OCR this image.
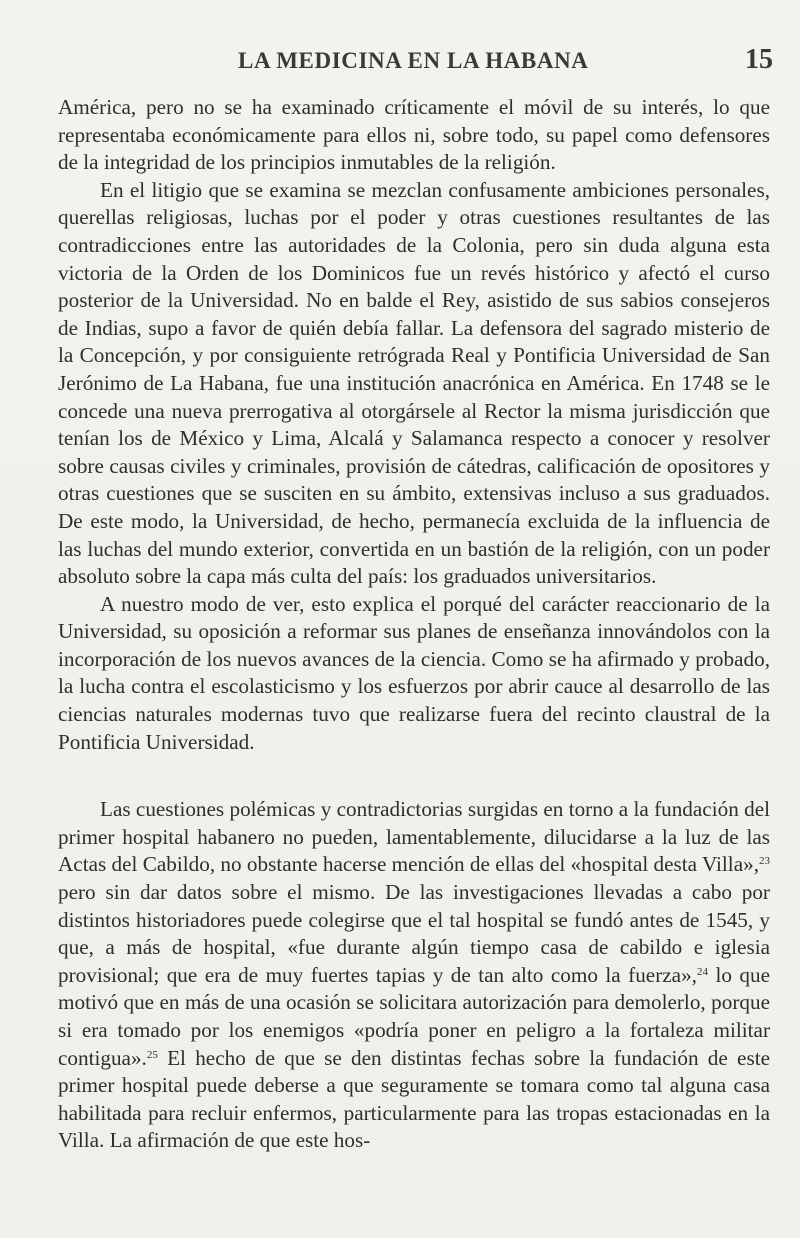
LA MEDICINA EN LA HABANA	15

América, pero no se ha examinado críticamente el móvil de su interés, lo que representaba económicamente para ellos ni, sobre todo, su papel como defensores de la integridad de los principios inmutables de la religión.

En el litigio que se examina se mezclan confusamente ambiciones personales, querellas religiosas, luchas por el poder y otras cuestiones resultantes de las contradicciones entre las autoridades de la Colonia, pero sin duda alguna esta victoria de la Orden de los Dominicos fue un revés histórico y afectó el curso posterior de la Universidad. No en balde el Rey, asistido de sus sabios consejeros de Indias, supo a favor de quién debía fallar. La defensora del sagrado misterio de la Concepción, y por consiguiente retrógrada Real y Pontificia Universidad de San Jerónimo de La Habana, fue una institución anacrónica en América. En 1748 se le concede una nueva prerrogativa al otorgársele al Rector la misma jurisdicción que tenían los de México y Lima, Alcalá y Salamanca respecto a conocer y resolver sobre causas civiles y criminales, provisión de cátedras, calificación de opositores y otras cuestiones que se susciten en su ámbito, extensivas incluso a sus graduados. De este modo, la Universidad, de hecho, permanecía excluida de la influencia de las luchas del mundo exterior, convertida en un bastión de la religión, con un poder absoluto sobre la capa más culta del país: los graduados universitarios.

A nuestro modo de ver, esto explica el porqué del carácter reaccionario de la Universidad, su oposición a reformar sus planes de enseñanza innovándolos con la incorporación de los nuevos avances de la ciencia. Como se ha afirmado y probado, la lucha contra el escolasticismo y los esfuerzos por abrir cauce al desarrollo de las ciencias naturales modernas tuvo que realizarse fuera del recinto claustral de la Pontificia Universidad.

Las cuestiones polémicas y contradictorias surgidas en torno a la fundación del primer hospital habanero no pueden, lamentablemente, dilucidarse a la luz de las Actas del Cabildo, no obstante hacerse mención de ellas del «hospital desta Villa»,$^{23}$ pero sin dar datos sobre el mismo. De las investigaciones llevadas a cabo por distintos historiadores puede colegirse que el tal hospital se fundó antes de 1545, y que, a más de hospital, «fue durante algún tiempo casa de cabildo e iglesia provisional; que era de muy fuertes tapias y de tan alto como la fuerza»,$^{24}$ lo que motivó que en más de una ocasión se solicitara autorización para demolerlo, porque si era tomado por los enemigos «podría poner en peligro a la fortaleza militar contigua».$^{25}$ El hecho de que se den distintas fechas sobre la fundación de este primer hospital puede deberse a que seguramente se tomara como tal alguna casa habilitada para recluir enfermos, particularmente para las tropas estacionadas en la Villa. La afirmación de que este hos-
